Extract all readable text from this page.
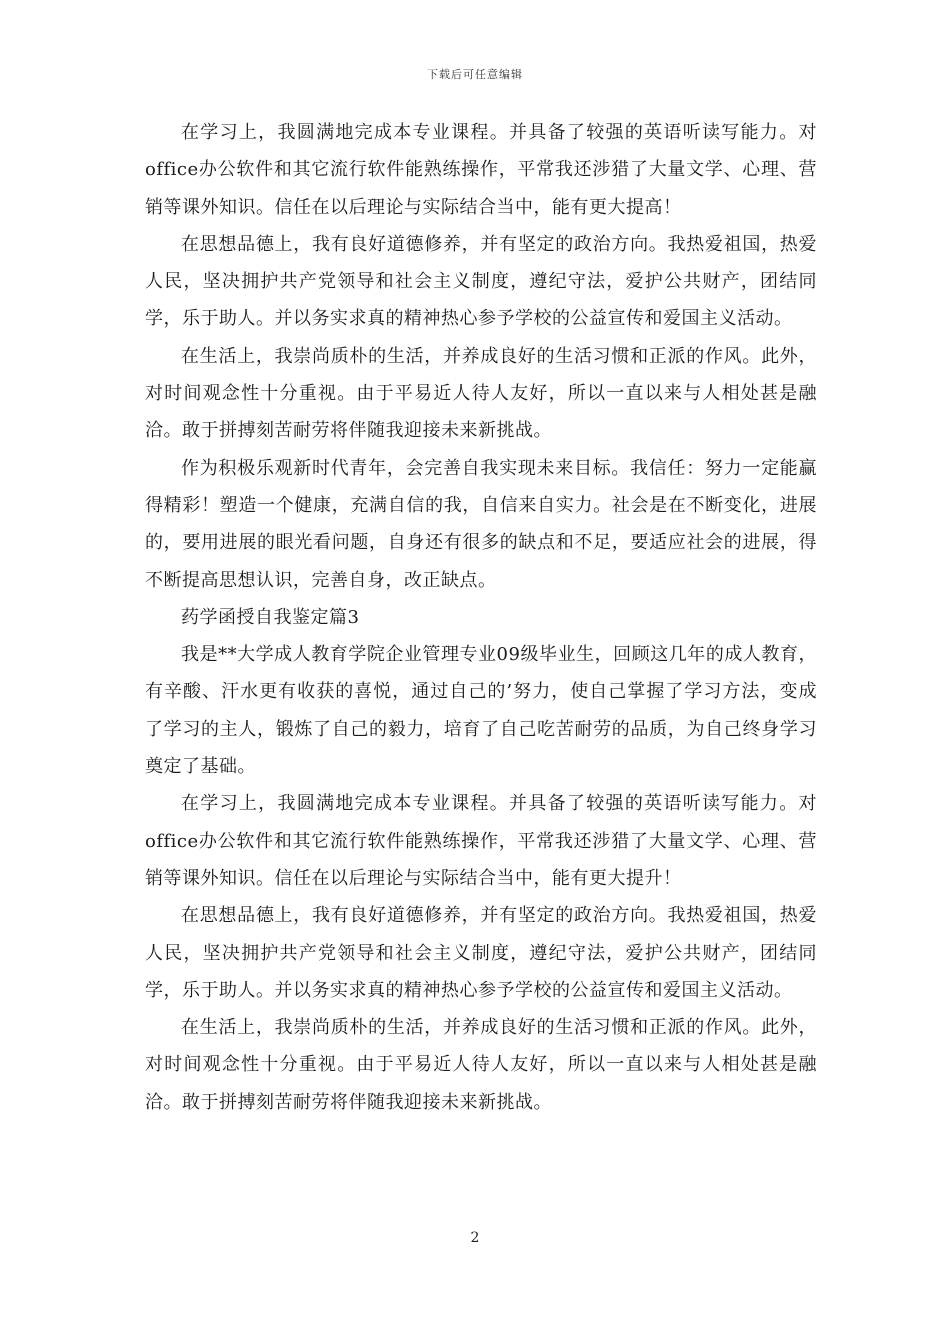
下载后可任意编辑

在学习上，我圆满地完成本专业课程。并具备了较强的英语听读写能力。对office办公软件和其它流行软件能熟练操作，平常我还涉猎了大量文学、心理、营销等课外知识。信任在以后理论与实际结合当中，能有更大提高！

在思想品德上，我有良好道德修养，并有坚定的政治方向。我热爱祖国，热爱人民，坚决拥护共产党领导和社会主义制度，遵纪守法，爱护公共财产，团结同学，乐于助人。并以务实求真的精神热心参予学校的公益宣传和爱国主义活动。

在生活上，我崇尚质朴的生活，并养成良好的生活习惯和正派的作风。此外，对时间观念性十分重视。由于平易近人待人友好，所以一直以来与人相处甚是融洽。敢于拼搏刻苦耐劳将伴随我迎接未来新挑战。

作为积极乐观新时代青年，会完善自我实现未来目标。我信任：努力一定能赢得精彩！塑造一个健康，充满自信的我，自信来自实力。社会是在不断变化，进展的，要用进展的眼光看问题，自身还有很多的缺点和不足，要适应社会的进展，得不断提高思想认识，完善自身，改正缺点。

药学函授自我鉴定篇3

我是**大学成人教育学院企业管理专业09级毕业生，回顾这几年的成人教育，有辛酸、汗水更有收获的喜悦，通过自己的’努力，使自己掌握了学习方法，变成了学习的主人，锻炼了自己的毅力，培育了自己吃苦耐劳的品质，为自己终身学习奠定了基础。

在学习上，我圆满地完成本专业课程。并具备了较强的英语听读写能力。对office办公软件和其它流行软件能熟练操作，平常我还涉猎了大量文学、心理、营销等课外知识。信任在以后理论与实际结合当中，能有更大提升！

在思想品德上，我有良好道德修养，并有坚定的政治方向。我热爱祖国，热爱人民，坚决拥护共产党领导和社会主义制度，遵纪守法，爱护公共财产，团结同学，乐于助人。并以务实求真的精神热心参予学校的公益宣传和爱国主义活动。

在生活上，我崇尚质朴的生活，并养成良好的生活习惯和正派的作风。此外，对时间观念性十分重视。由于平易近人待人友好，所以一直以来与人相处甚是融洽。敢于拼搏刻苦耐劳将伴随我迎接未来新挑战。

2
